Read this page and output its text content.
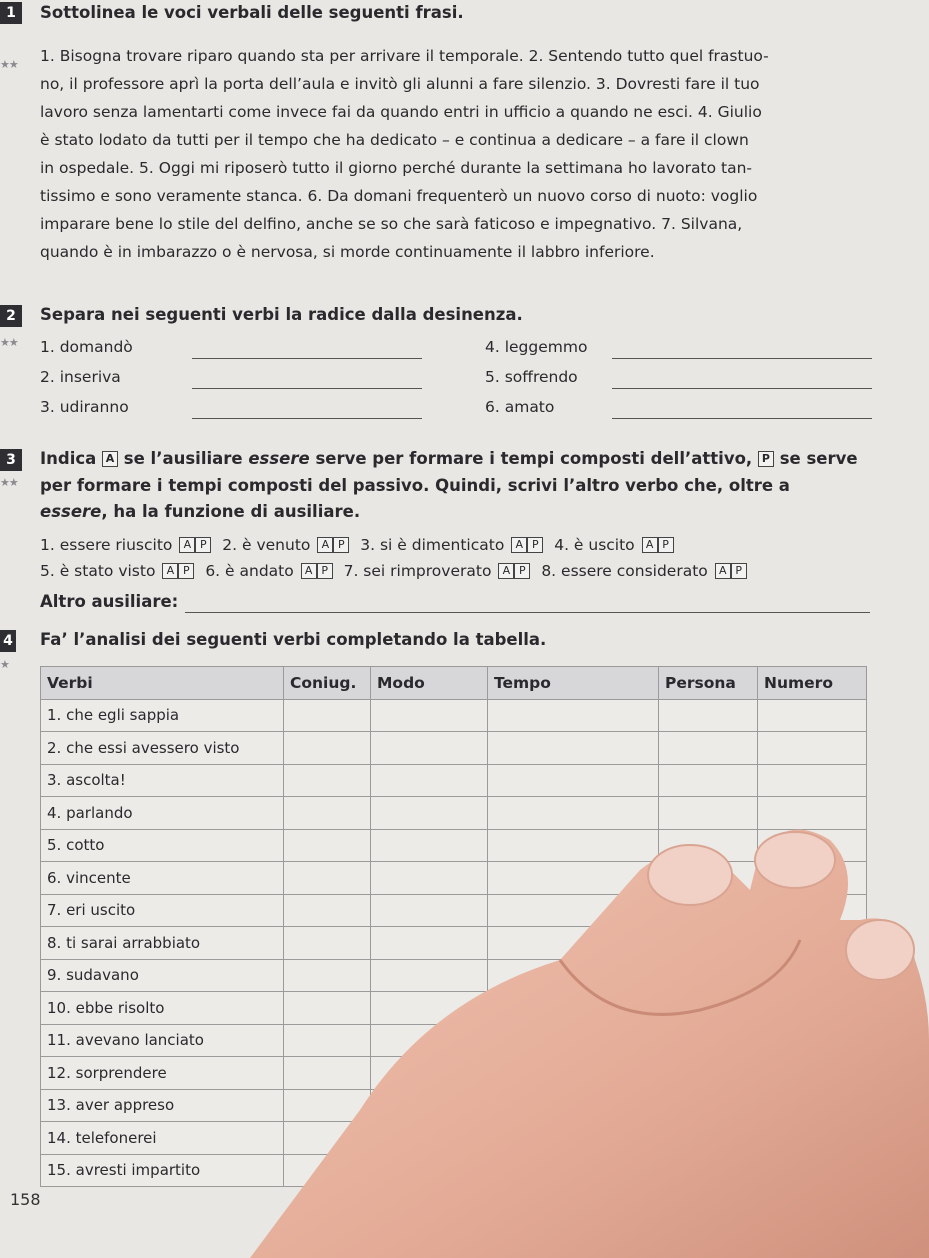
1
★★
Sottolinea le voci verbali delle seguenti frasi.
1. Bisogna trovare riparo quando sta per arrivare il temporale. 2. Sentendo tutto quel frastuo-
no, il professore aprì la porta dell’aula e invitò gli alunni a fare silenzio. 3. Dovresti fare il tuo
lavoro senza lamentarti come invece fai da quando entri in ufficio a quando ne esci. 4. Giulio
è stato lodato da tutti per il tempo che ha dedicato – e continua a dedicare – a fare il clown
in ospedale. 5. Oggi mi riposerò tutto il giorno perché durante la settimana ho lavorato tan-
tissimo e sono veramente stanca. 6. Da domani frequenterò un nuovo corso di nuoto: voglio
imparare bene lo stile del delfino, anche se so che sarà faticoso e impegnativo. 7. Silvana,
quando è in imbarazzo o è nervosa, si morde continuamente il labbro inferiore.
2
★★
Separa nei seguenti verbi la radice dalla desinenza.
1. domandò
2. inseriva
3. udiranno
4. leggemmo
5. soffrendo
6. amato
3
★★
Indica A se l’ausiliare essere serve per formare i tempi composti dell’attivo, P se serve
per formare i tempi composti del passivo. Quindi, scrivi l’altro verbo che, oltre a
essere, ha la funzione di ausiliare.
1. essere riuscito A P 2. è venuto A P 3. si è dimenticato A P 4. è uscito A P
5. è stato visto A P 6. è andato A P 7. sei rimproverato A P 8. essere considerato A P
Altro ausiliare:
4
★
Fa’ l’analisi dei seguenti verbi completando la tabella.
Verbi	Coniug.	Modo	Tempo	Persona	Numero
1. che egli sappia					
2. che essi avessero visto					
3. ascolta!					
4. parlando					
5. cotto					
6. vincente					
7. eri uscito					
8. ti sarai arrabbiato					
9. sudavano					
10. ebbe risolto					
11. avevano lanciato					
12. sorprendere					
13. aver appreso					
14. telefonerei					
15. avresti impartito					
158
